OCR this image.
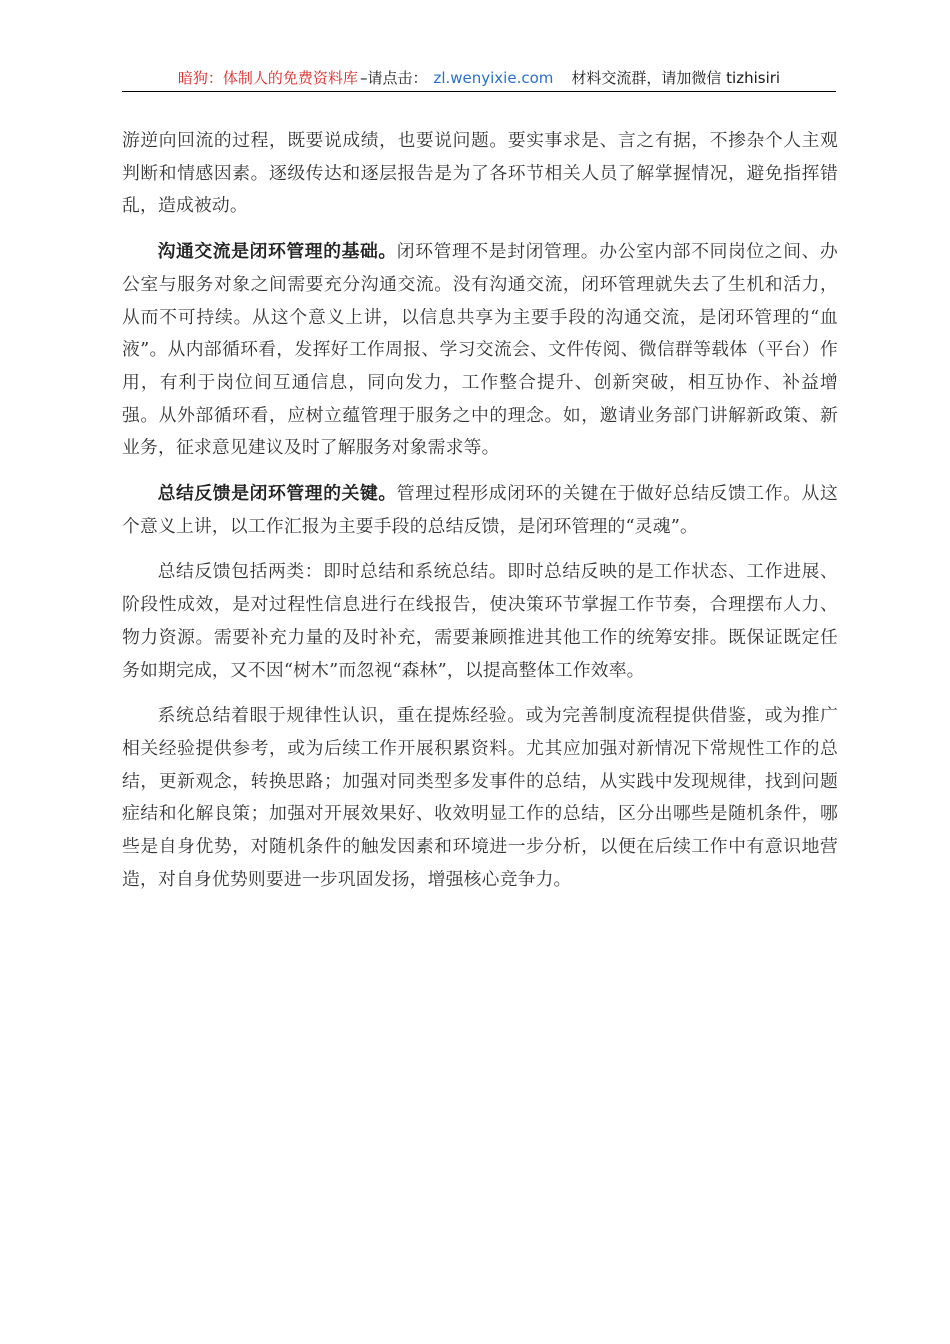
暗狗：体制人的免费资料库 –请点击： zl.wenyixie.com 材料交流群，请加微信 tizhisiri

游逆向回流的过程，既要说成绩，也要说问题。要实事求是、言之有据，不掺杂个人主观判断和情感因素。逐级传达和逐层报告是为了各环节相关人员了解掌握情况，避免指挥错乱，造成被动。

沟通交流是闭环管理的基础。闭环管理不是封闭管理。办公室内部不同岗位之间、办公室与服务对象之间需要充分沟通交流。没有沟通交流，闭环管理就失去了生机和活力，从而不可持续。从这个意义上讲，以信息共享为主要手段的沟通交流，是闭环管理的“血液”。从内部循环看，发挥好工作周报、学习交流会、文件传阅、微信群等载体（平台）作用，有利于岗位间互通信息，同向发力，工作整合提升、创新突破，相互协作、补益增强。从外部循环看，应树立蕴管理于服务之中的理念。如，邀请业务部门讲解新政策、新业务，征求意见建议及时了解服务对象需求等。

总结反馈是闭环管理的关键。管理过程形成闭环的关键在于做好总结反馈工作。从这个意义上讲，以工作汇报为主要手段的总结反馈，是闭环管理的“灵魂”。

总结反馈包括两类：即时总结和系统总结。即时总结反映的是工作状态、工作进展、阶段性成效，是对过程性信息进行在线报告，使决策环节掌握工作节奏，合理摆布人力、物力资源。需要补充力量的及时补充，需要兼顾推进其他工作的统筹安排。既保证既定任务如期完成，又不因“树木”而忽视“森林”，以提高整体工作效率。

系统总结着眼于规律性认识，重在提炼经验。或为完善制度流程提供借鉴，或为推广相关经验提供参考，或为后续工作开展积累资料。尤其应加强对新情况下常规性工作的总结，更新观念，转换思路；加强对同类型多发事件的总结，从实践中发现规律，找到问题症结和化解良策；加强对开展效果好、收效明显工作的总结，区分出哪些是随机条件，哪些是自身优势，对随机条件的触发因素和环境进一步分析，以便在后续工作中有意识地营造，对自身优势则要进一步巩固发扬，增强核心竞争力。
